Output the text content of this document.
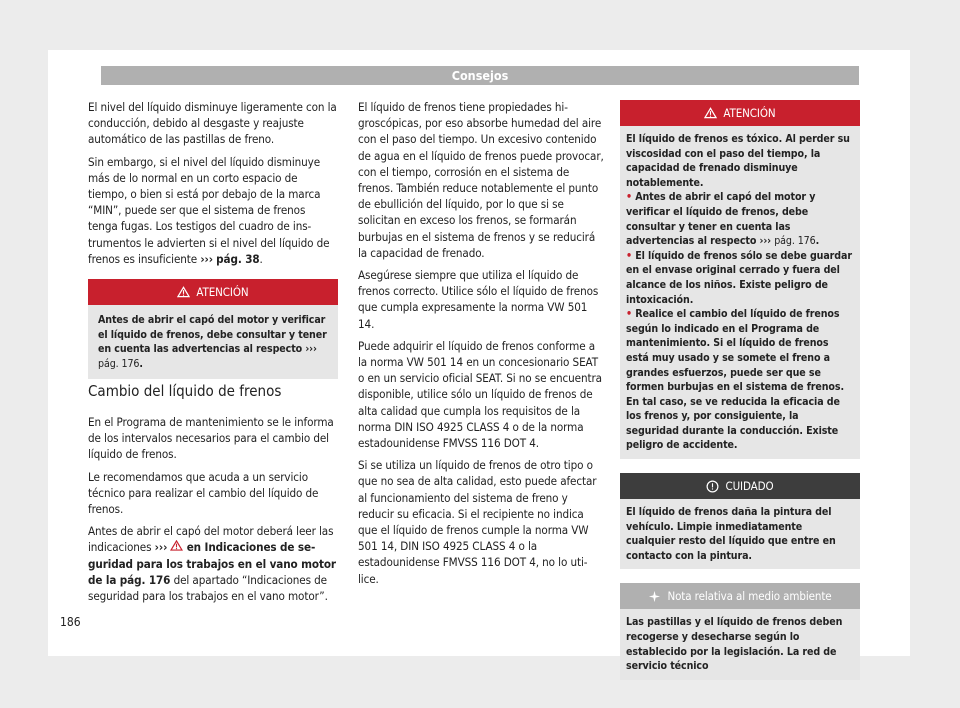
Consejos

El nivel del líquido disminuye ligeramente con la conducción, debido al desgaste y reajuste automático de las pastillas de freno.

Sin embargo, si el nivel del líquido disminuye más de lo normal en un corto espacio de tiempo, o bien si está por debajo de la marca “MIN”, puede ser que el sistema de frenos tenga fugas. Los testigos del cuadro de instrumentos le advierten si el nivel del líquido de frenos es insuficiente ››› pág. 38.

ATENCIÓN

Antes de abrir el capó del motor y verificar el líquido de frenos, debe consultar y tener en cuenta las advertencias al respecto ››› pág. 176.

Cambio del líquido de frenos

En el Programa de mantenimiento se le informa de los intervalos necesarios para el cambio del líquido de frenos.

Le recomendamos que acuda a un servicio técnico para realizar el cambio del líquido de frenos.

Antes de abrir el capó del motor deberá leer las indicaciones ››› en Indicaciones de seguridad para los trabajos en el vano motor de la pág. 176 del apartado “Indicaciones de seguridad para los trabajos en el vano motor”.

El líquido de frenos tiene propiedades higroscópicas, por eso absorbe humedad del aire con el paso del tiempo. Un excesivo contenido de agua en el líquido de frenos puede provocar, con el tiempo, corrosión en el sistema de frenos. También reduce notablemente el punto de ebullición del líquido, por lo que si se solicitan en exceso los frenos, se formarán burbujas en el sistema de frenos y se reducirá la capacidad de frenado.

Asegúrese siempre que utiliza el líquido de frenos correcto. Utilice sólo el líquido de frenos que cumpla expresamente la norma VW 501 14.

Puede adquirir el líquido de frenos conforme a la norma VW 501 14 en un concesionario SEAT o en un servicio oficial SEAT. Si no se encuentra disponible, utilice sólo un líquido de frenos de alta calidad que cumpla los requisitos de la norma DIN ISO 4925 CLASS 4 o de la norma estadounidense FMVSS 116 DOT 4.

Si se utiliza un líquido de frenos de otro tipo o que no sea de alta calidad, esto puede afectar al funcionamiento del sistema de freno y reducir su eficacia. Si el recipiente no indica que el líquido de frenos cumple la norma VW 501 14, DIN ISO 4925 CLASS 4 o la estadounidense FMVSS 116 DOT 4, no lo utilice.

ATENCIÓN

El líquido de frenos es tóxico. Al perder su viscosidad con el paso del tiempo, la capacidad de frenado disminuye notablemente.

• Antes de abrir el capó del motor y verificar el líquido de frenos, debe consultar y tener en cuenta las advertencias al respecto ››› pág. 176.

• El líquido de frenos sólo se debe guardar en el envase original cerrado y fuera del alcance de los niños. Existe peligro de intoxicación.

• Realice el cambio del líquido de frenos según lo indicado en el Programa de mantenimiento. Si el líquido de frenos está muy usado y se somete el freno a grandes esfuerzos, puede ser que se formen burbujas en el sistema de frenos. En tal caso, se ve reducida la eficacia de los frenos y, por consiguiente, la seguridad durante la conducción. Existe peligro de accidente.

CUIDADO

El líquido de frenos daña la pintura del vehículo. Limpie inmediatamente cualquier resto del líquido que entre en contacto con la pintura.

Nota relativa al medio ambiente

Las pastillas y el líquido de frenos deben recogerse y desecharse según lo establecido por la legislación. La red de servicio técnico

186
